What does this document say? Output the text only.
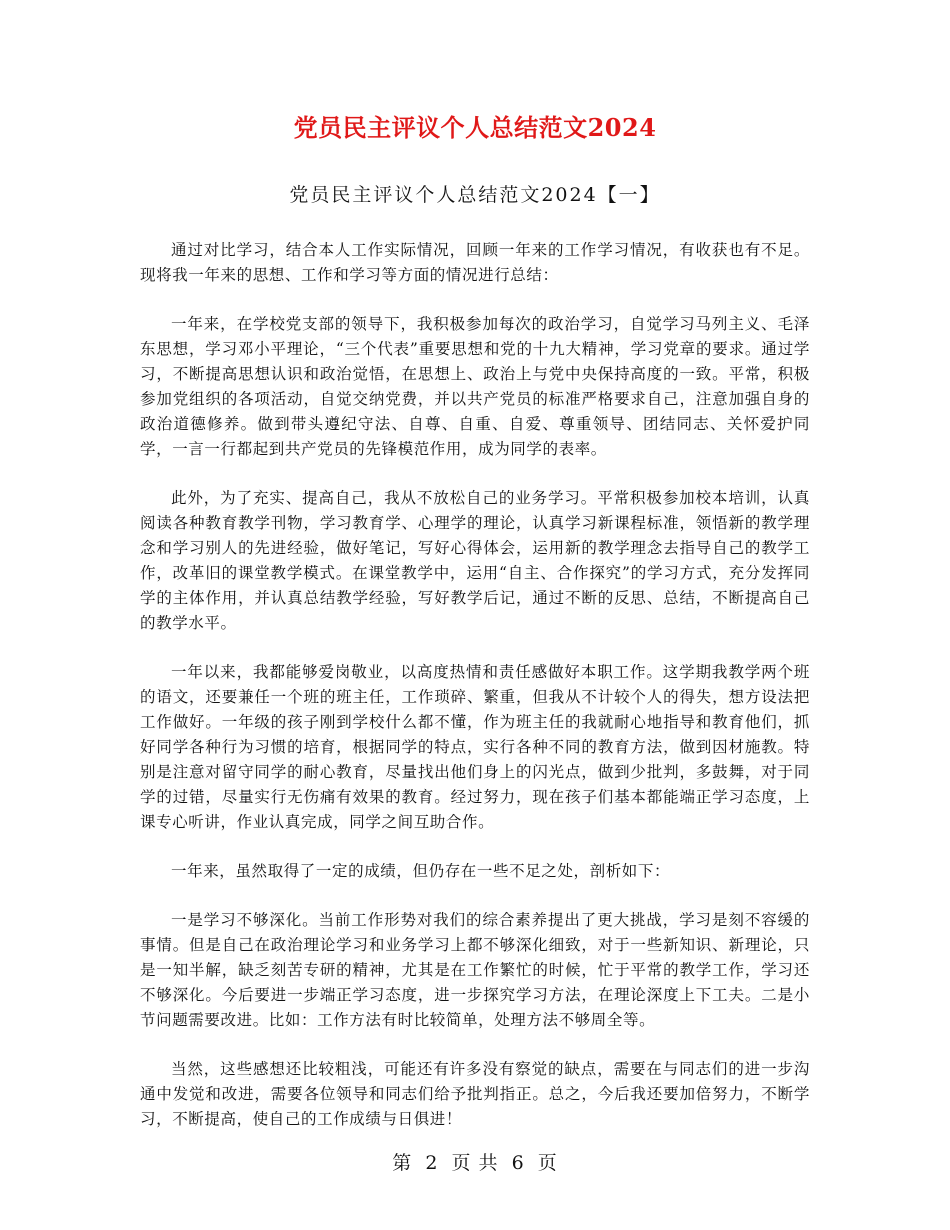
党员民主评议个人总结范文2024
党员民主评议个人总结范文2024【一】

通过对比学习，结合本人工作实际情况，回顾一年来的工作学习情况，有收获也有不足。现将我一年来的思想、工作和学习等方面的情况进行总结：

一年来，在学校党支部的领导下，我积极参加每次的政治学习，自觉学习马列主义、毛泽东思想，学习邓小平理论，“三个代表”重要思想和党的十九大精神，学习党章的要求。通过学习，不断提高思想认识和政治觉悟，在思想上、政治上与党中央保持高度的一致。平常，积极参加党组织的各项活动，自觉交纳党费，并以共产党员的标准严格要求自己，注意加强自身的政治道德修养。做到带头遵纪守法、自尊、自重、自爱、尊重领导、团结同志、关怀爱护同学，一言一行都起到共产党员的先锋模范作用，成为同学的表率。

此外，为了充实、提高自己，我从不放松自己的业务学习。平常积极参加校本培训，认真阅读各种教育教学刊物，学习教育学、心理学的理论，认真学习新课程标准，领悟新的教学理念和学习别人的先进经验，做好笔记，写好心得体会，运用新的教学理念去指导自己的教学工作，改革旧的课堂教学模式。在课堂教学中，运用“自主、合作探究”的学习方式，充分发挥同学的主体作用，并认真总结教学经验，写好教学后记，通过不断的反思、总结，不断提高自己的教学水平。

一年以来，我都能够爱岗敬业，以高度热情和责任感做好本职工作。这学期我教学两个班的语文，还要兼任一个班的班主任，工作琐碎、繁重，但我从不计较个人的得失，想方设法把工作做好。一年级的孩子刚到学校什么都不懂，作为班主任的我就耐心地指导和教育他们，抓好同学各种行为习惯的培育，根据同学的特点，实行各种不同的教育方法，做到因材施教。特别是注意对留守同学的耐心教育，尽量找出他们身上的闪光点，做到少批判，多鼓舞，对于同学的过错，尽量实行无伤痛有效果的教育。经过努力，现在孩子们基本都能端正学习态度，上课专心听讲，作业认真完成，同学之间互助合作。

一年来，虽然取得了一定的成绩，但仍存在一些不足之处，剖析如下：

一是学习不够深化。当前工作形势对我们的综合素养提出了更大挑战，学习是刻不容缓的事情。但是自己在政治理论学习和业务学习上都不够深化细致，对于一些新知识、新理论，只是一知半解，缺乏刻苦专研的精神，尤其是在工作繁忙的时候，忙于平常的教学工作，学习还不够深化。今后要进一步端正学习态度，进一步探究学习方法，在理论深度上下工夫。二是小节问题需要改进。比如：工作方法有时比较简单，处理方法不够周全等。

当然，这些感想还比较粗浅，可能还有许多没有察觉的缺点，需要在与同志们的进一步沟通中发觉和改进，需要各位领导和同志们给予批判指正。总之，今后我还要加倍努力，不断学习，不断提高，使自己的工作成绩与日俱进！

第 2 页 共 6 页
